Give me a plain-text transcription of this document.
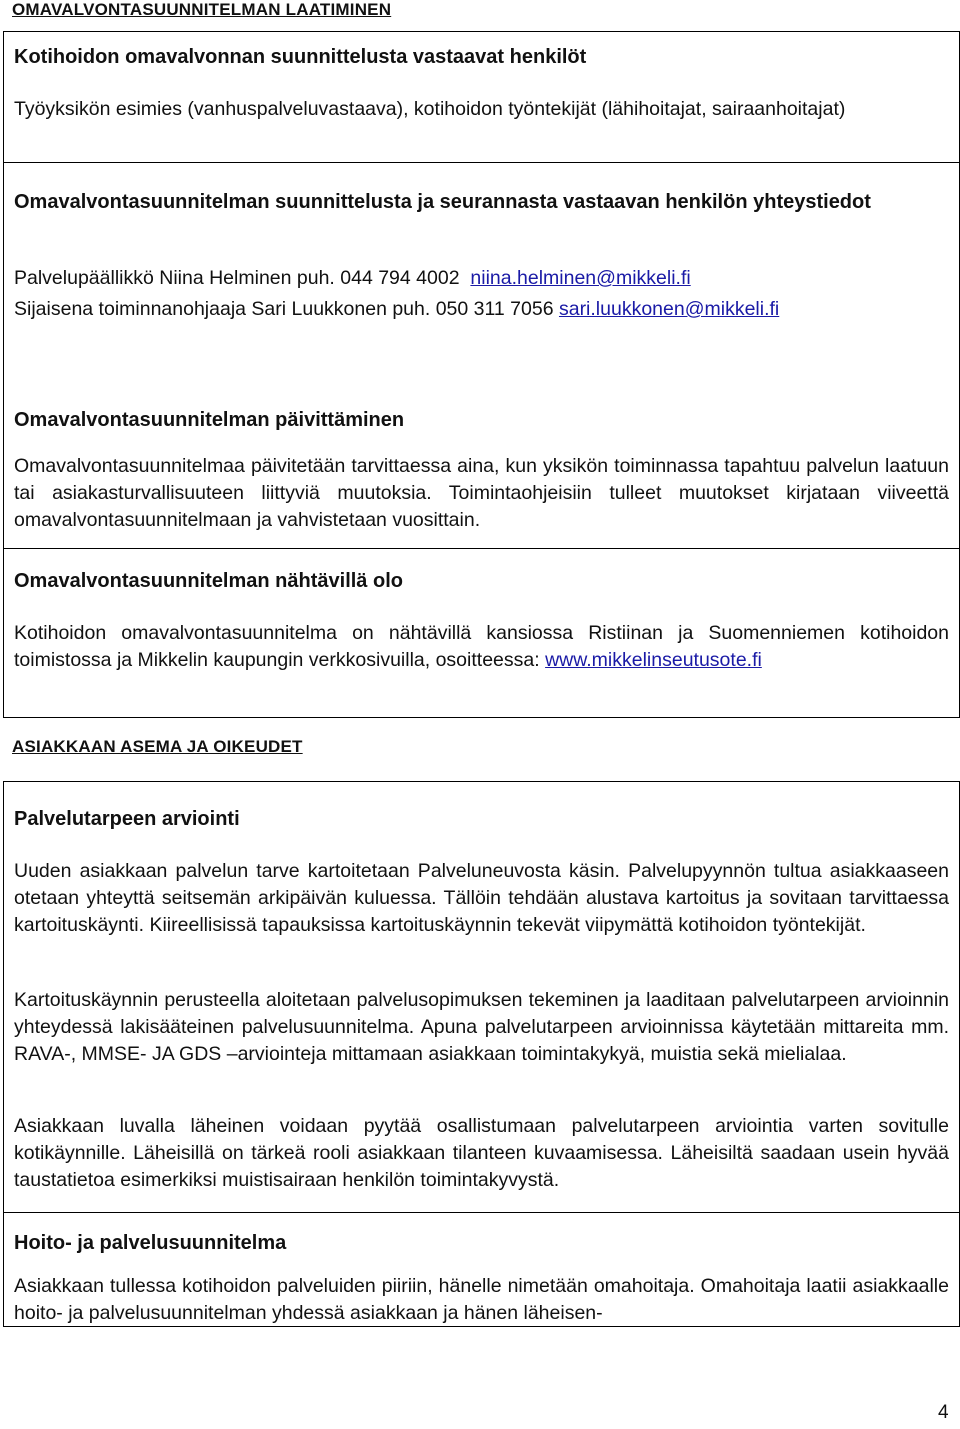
OMAVALVONTASUUNNITELMAN LAATIMINEN
Kotihoidon omavalvonnan suunnittelusta vastaavat henkilöt

Työyksikön esimies (vanhuspalveluvastaava), kotihoidon työntekijät (lähihoitajat, sairaanhoitajat)

Omavalvontasuunnitelman suunnittelusta ja seurannasta vastaavan henkilön yhteystiedot

Palvelupäällikkö Niina Helminen puh. 044 794 4002 niina.helminen@mikkeli.fi

Sijaisena toiminnanohjaaja Sari Luukkonen puh. 050 311 7056 sari.luukkonen@mikkeli.fi

Omavalvontasuunnitelman päivittäminen

Omavalvontasuunnitelmaa päivitetään tarvittaessa aina, kun yksikön toiminnassa tapahtuu palvelun laatuun tai asiakasturvallisuuteen liittyviä muutoksia. Toimintaohjeisiin tulleet muutokset kirjataan viiveettä omavalvontasuunnitelmaan ja vahvistetaan vuosittain.

Omavalvontasuunnitelman nähtävillä olo

Kotihoidon omavalvontasuunnitelma on nähtävillä kansiossa Ristiinan ja Suomenniemen kotihoidon toimistossa ja Mikkelin kaupungin verkkosivuilla, osoitteessa: www.mikkelinseutusote.fi

ASIAKKAAN ASEMA JA OIKEUDET
Palvelutarpeen arviointi

Uuden asiakkaan palvelun tarve kartoitetaan Palveluneuvosta käsin. Palvelupyynnön tultua asiakkaaseen otetaan yhteyttä seitsemän arkipäivän kuluessa. Tällöin tehdään alustava kartoitus ja sovitaan tarvittaessa kartoituskäynti. Kiireellisissä tapauksissa kartoituskäynnin tekevät viipymättä kotihoidon työntekijät.

Kartoituskäynnin perusteella aloitetaan palvelusopimuksen tekeminen ja laaditaan palvelutarpeen arvioinnin yhteydessä lakisääteinen palvelusuunnitelma. Apuna palvelutarpeen arvioinnissa käytetään mittareita mm. RAVA-, MMSE- JA GDS –arviointeja mittamaan asiakkaan toimintakykyä, muistia sekä mielialaa.

Asiakkaan luvalla läheinen voidaan pyytää osallistumaan palvelutarpeen arviointia varten sovitulle kotikäynnille. Läheisillä on tärkeä rooli asiakkaan tilanteen kuvaamisessa. Läheisiltä saadaan usein hyvää taustatietoa esimerkiksi muistisairaan henkilön toimintakyvystä.

Hoito- ja palvelusuunnitelma

Asiakkaan tullessa kotihoidon palveluiden piiriin, hänelle nimetään omahoitaja. Omahoitaja laatii asiakkaalle hoito- ja palvelusuunnitelman yhdessä asiakkaan ja hänen läheisen-

4
